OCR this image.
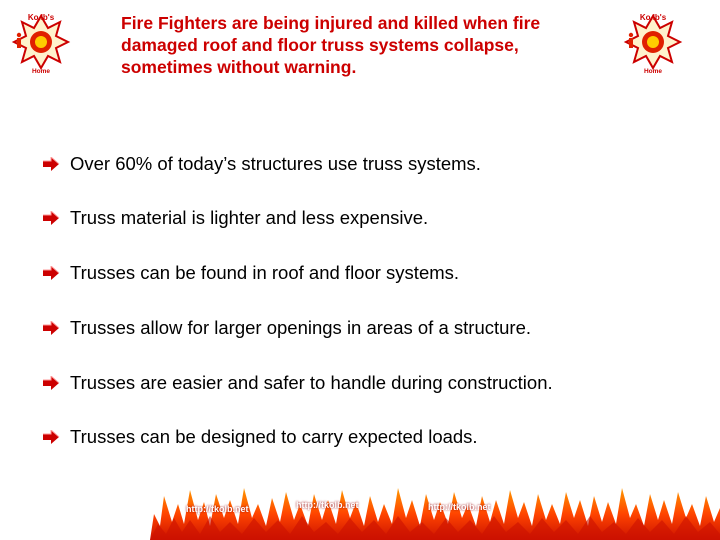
Ko.lb's
Home

Fire Fighters are being injured and killed when fire damaged roof and floor truss systems collapse, sometimes without warning.

Ko.lb's
Home
Over 60% of today’s structures use truss systems.
Truss material is lighter and less expensive.
Trusses can be found in roof and floor systems.
Trusses allow for larger openings in areas of a structure.
Trusses are easier and safer to handle during construction.
Trusses can be designed to carry expected loads.
http://tkolb.net	http://tkolb.net	http://tkolb.net
